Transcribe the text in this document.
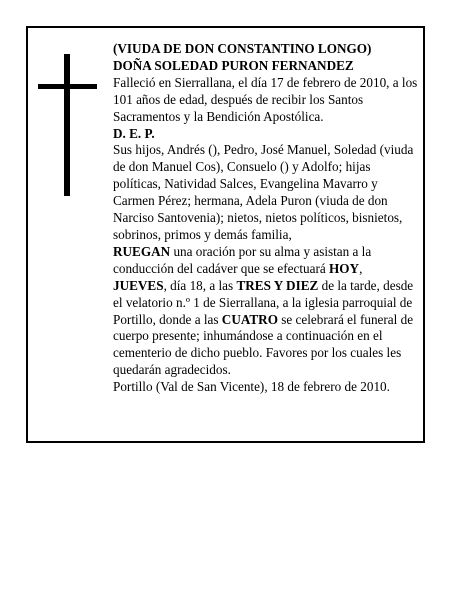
(VIUDA DE DON CONSTANTINO LONGO)

DOÑA SOLEDAD PURON FERNANDEZ

Falleció en Sierrallana, el día 17 de febrero de 2010, a los 101 años de edad, después de recibir los Santos Sacramentos y la Bendición Apostólica.

D. E. P.

Sus hijos, Andrés (), Pedro, José Manuel, Soledad (viuda de don Manuel Cos), Consuelo () y Adolfo; hijas políticas, Natividad Salces, Evangelina Mavarro y Carmen Pérez; hermana, Adela Puron (viuda de don Narciso Santovenia); nietos, nietos políticos, bisnietos, sobrinos, primos y demás familia,

RUEGAN una oración por su alma y asistan a la conducción del cadáver que se efectuará HOY, JUEVES, día 18, a las TRES Y DIEZ de la tarde, desde el velatorio n.º 1 de Sierrallana, a la iglesia parroquial de Portillo, donde a las CUATRO se celebrará el funeral de cuerpo presente; inhumándose a continuación en el cementerio de dicho pueblo. Favores por los cuales les quedarán agradecidos.

Portillo (Val de San Vicente), 18 de febrero de 2010.
